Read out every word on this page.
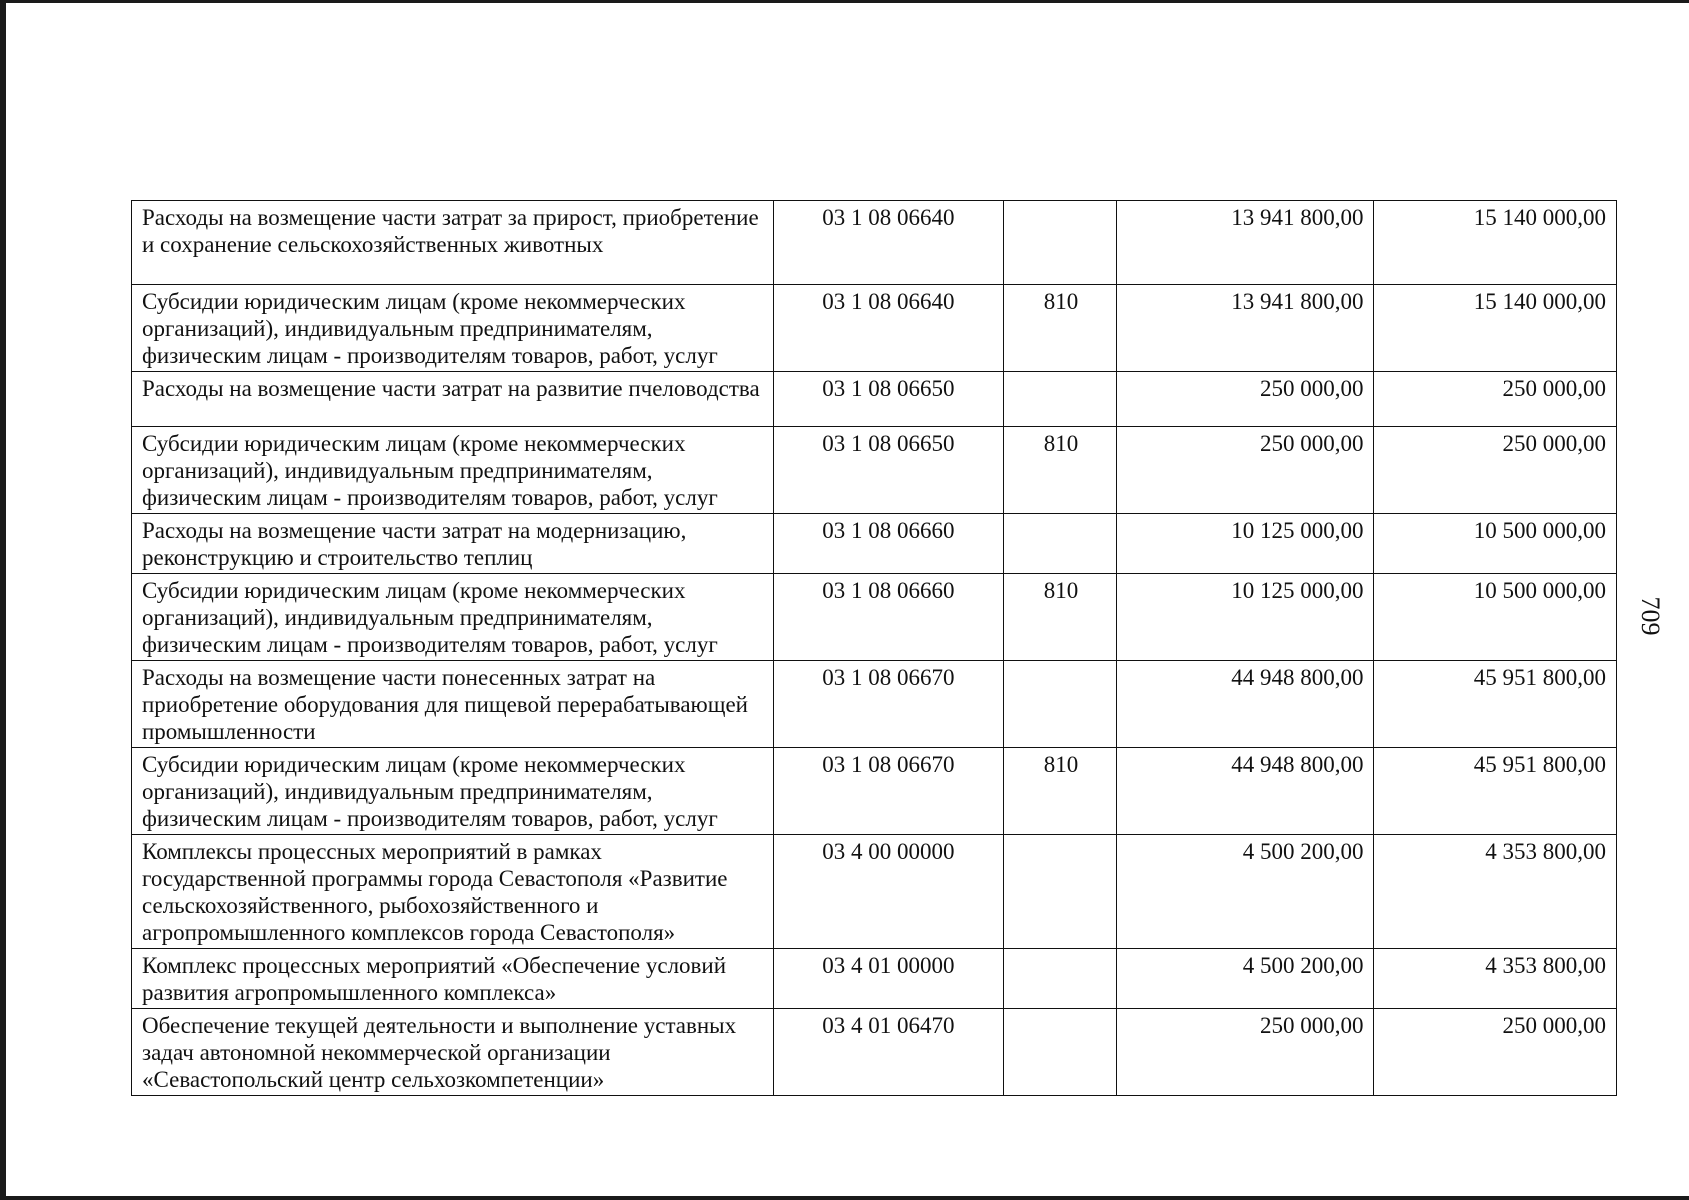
Расходы на возмещение части затрат за прирост, приобретение и сохранение сельскохозяйственных животных	03 1 08 06640		13 941 800,00	15 140 000,00
Субсидии юридическим лицам (кроме некоммерческих организаций), индивидуальным предпринимателям, физическим лицам - производителям товаров, работ, услуг	03 1 08 06640	810	13 941 800,00	15 140 000,00
Расходы на возмещение части затрат на развитие пчеловодства	03 1 08 06650		250 000,00	250 000,00
Субсидии юридическим лицам (кроме некоммерческих организаций), индивидуальным предпринимателям, физическим лицам - производителям товаров, работ, услуг	03 1 08 06650	810	250 000,00	250 000,00
Расходы на возмещение части затрат на модернизацию, реконструкцию и строительство теплиц	03 1 08 06660		10 125 000,00	10 500 000,00
Субсидии юридическим лицам (кроме некоммерческих организаций), индивидуальным предпринимателям, физическим лицам - производителям товаров, работ, услуг	03 1 08 06660	810	10 125 000,00	10 500 000,00
Расходы на возмещение части понесенных затрат на приобретение оборудования для пищевой перерабатывающей промышленности	03 1 08 06670		44 948 800,00	45 951 800,00
Субсидии юридическим лицам (кроме некоммерческих организаций), индивидуальным предпринимателям, физическим лицам - производителям товаров, работ, услуг	03 1 08 06670	810	44 948 800,00	45 951 800,00
Комплексы процессных мероприятий в рамках государственной программы города Севастополя «Развитие сельскохозяйственного, рыбохозяйственного и агропромышленного комплексов города Севастополя»	03 4 00 00000		4 500 200,00	4 353 800,00
Комплекс процессных мероприятий «Обеспечение условий развития агропромышленного комплекса»	03 4 01 00000		4 500 200,00	4 353 800,00
Обеспечение текущей деятельности и выполнение уставных задач автономной некоммерческой организации «Севастопольский центр сельхозкомпетенции»	03 4 01 06470		250 000,00	250 000,00
709
